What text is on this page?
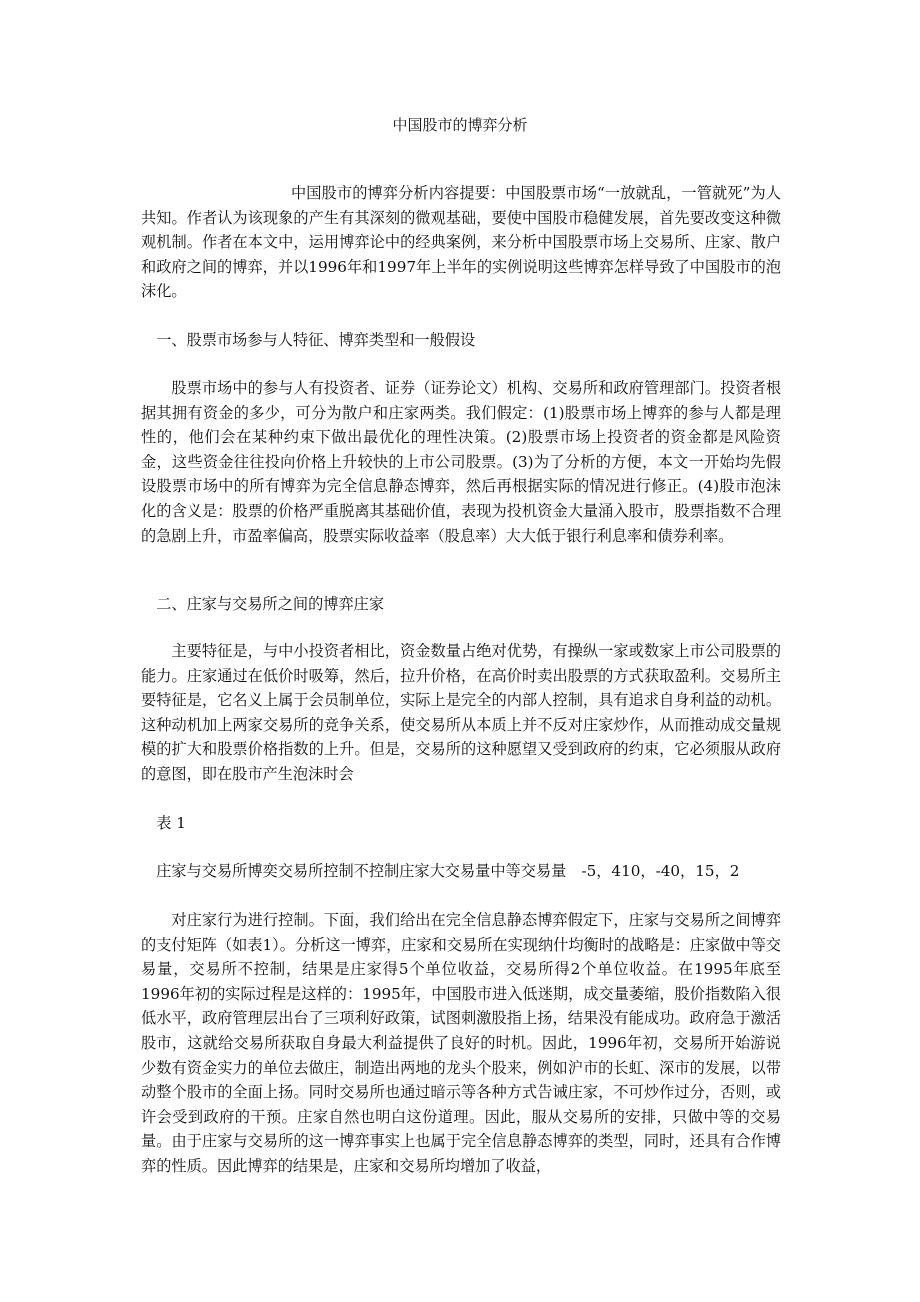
中国股市的博弈分析

中国股市的博弈分析内容提要：中国股票市场“一放就乱，一管就死”为人共知。作者认为该现象的产生有其深刻的微观基础，要使中国股市稳健发展，首先要改变这种微观机制。作者在本文中，运用博弈论中的经典案例，来分析中国股票市场上交易所、庄家、散户和政府之间的博弈，并以1996年和1997年上半年的实例说明这些博弈怎样导致了中国股市的泡沫化。

一、股票市场参与人特征、博弈类型和一般假设

股票市场中的参与人有投资者、证券（证券论文）机构、交易所和政府管理部门。投资者根据其拥有资金的多少，可分为散户和庄家两类。我们假定：(1)股票市场上博弈的参与人都是理性的，他们会在某种约束下做出最优化的理性决策。(2)股票市场上投资者的资金都是风险资金，这些资金往往投向价格上升较快的上市公司股票。(3)为了分析的方便，本文一开始均先假设股票市场中的所有博弈为完全信息静态博弈，然后再根据实际的情况进行修正。(4)股市泡沫化的含义是：股票的价格严重脱离其基础价值，表现为投机资金大量涌入股市，股票指数不合理的急剧上升，市盈率偏高，股票实际收益率（股息率）大大低于银行利息率和债券利率。

二、庄家与交易所之间的博弈庄家

主要特征是，与中小投资者相比，资金数量占绝对优势，有操纵一家或数家上市公司股票的能力。庄家通过在低价时吸筹，然后，拉升价格，在高价时卖出股票的方式获取盈利。交易所主要特征是，它名义上属于会员制单位，实际上是完全的内部人控制，具有追求自身利益的动机。这种动机加上两家交易所的竞争关系，使交易所从本质上并不反对庄家炒作，从而推动成交量规模的扩大和股票价格指数的上升。但是，交易所的这种愿望又受到政府的约束，它必须服从政府的意图，即在股市产生泡沫时会

表 1
庄家与交易所博奕交易所控制不控制庄家大交易量中等交易量　-5，410，-40，15，2

对庄家行为进行控制。下面，我们给出在完全信息静态博弈假定下，庄家与交易所之间博弈的支付矩阵（如表1）。分析这一博弈，庄家和交易所在实现纳什均衡时的战略是：庄家做中等交易量，交易所不控制，结果是庄家得5个单位收益，交易所得2个单位收益。在1995年底至1996年初的实际过程是这样的：1995年，中国股市进入低迷期，成交量萎缩，股价指数陷入很低水平，政府管理层出台了三项利好政策，试图刺激股指上扬，结果没有能成功。政府急于激活股市，这就给交易所获取自身最大利益提供了良好的时机。因此，1996年初，交易所开始游说少数有资金实力的单位去做庄，制造出两地的龙头个股来，例如沪市的长虹、深市的发展，以带动整个股市的全面上扬。同时交易所也通过暗示等各种方式告诫庄家，不可炒作过分，否则，或许会受到政府的干预。庄家自然也明白这份道理。因此，服从交易所的安排，只做中等的交易量。由于庄家与交易所的这一博弈事实上也属于完全信息静态博弈的类型，同时，还具有合作博弈的性质。因此博弈的结果是，庄家和交易所均增加了收益，
